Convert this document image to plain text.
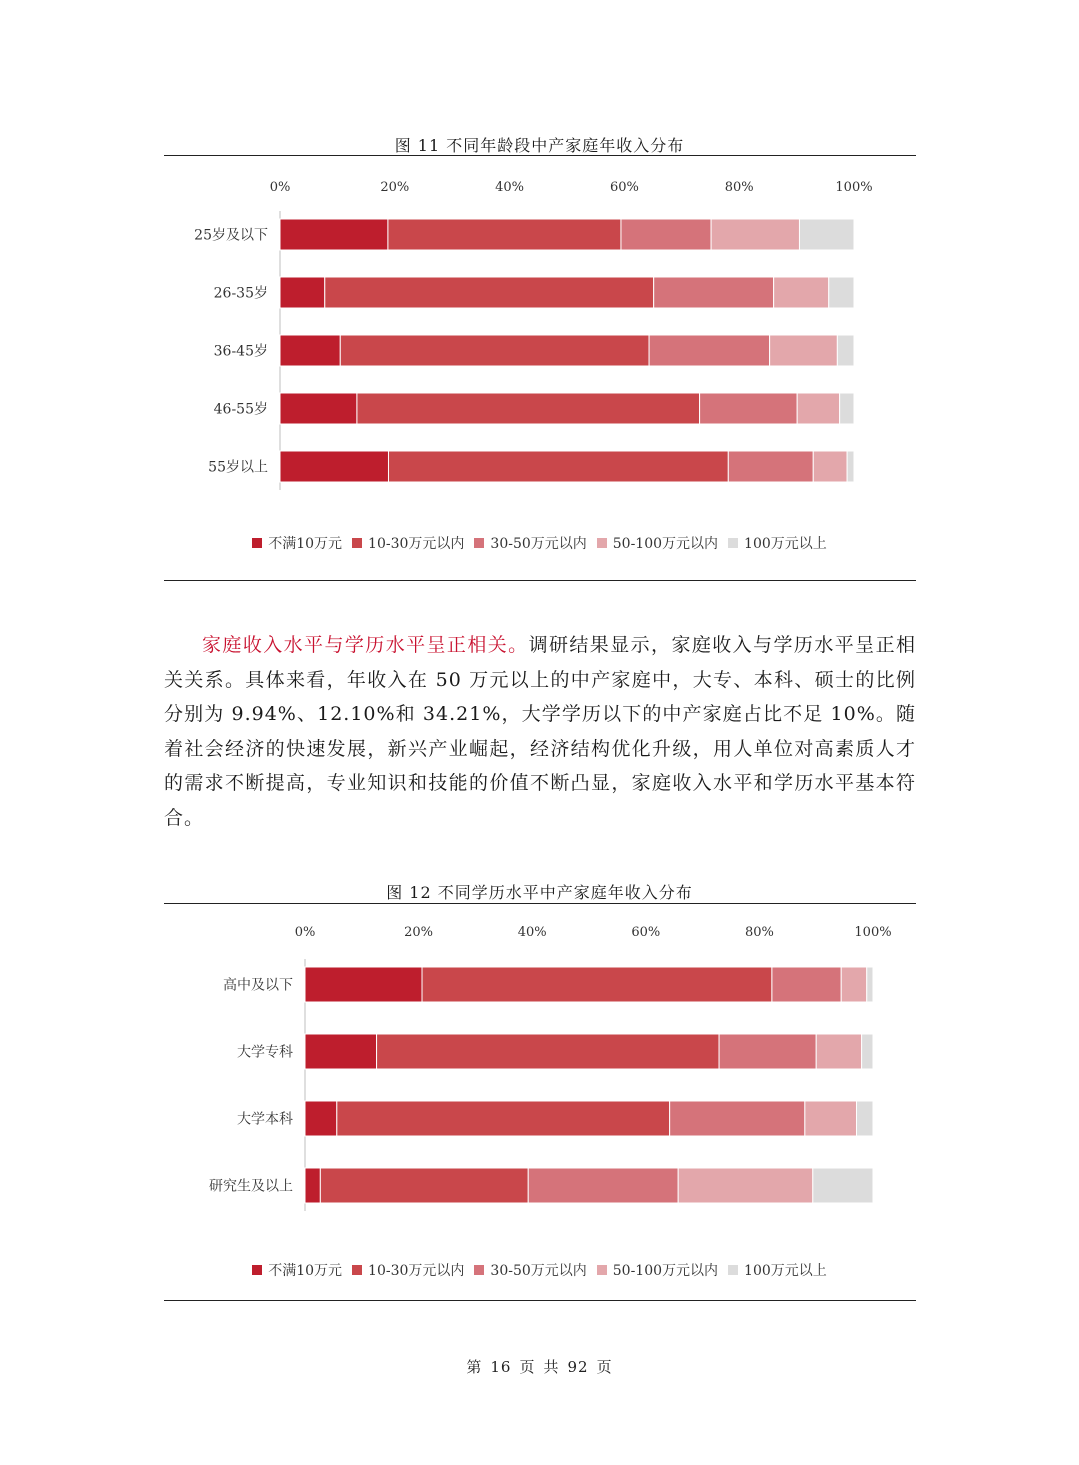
图 11 不同年龄段中产家庭年收入分布
0%	20%	40%	60%	80%	100%
25岁及以下
26-35岁
36-45岁
46-55岁
55岁以上
不满10万元 10-30万元以内 30-50万元以内 50-100万元以内 100万元以上

家庭收入水平与学历水平呈正相关。调研结果显示，家庭收入与学历水平呈正相关关系。具体来看，年收入在 50 万元以上的中产家庭中，大专、本科、硕士的比例分别为 9.94%、12.10%和 34.21%，大学学历以下的中产家庭占比不足 10%。随着社会经济的快速发展，新兴产业崛起，经济结构优化升级，用人单位对高素质人才的需求不断提高，专业知识和技能的价值不断凸显，家庭收入水平和学历水平基本符合。

图 12 不同学历水平中产家庭年收入分布
0%	20%	40%	60%	80%	100%
高中及以下
大学专科
大学本科
研究生及以上
不满10万元 10-30万元以内 30-50万元以内 50-100万元以内 100万元以上
第 16 页 共 92 页
